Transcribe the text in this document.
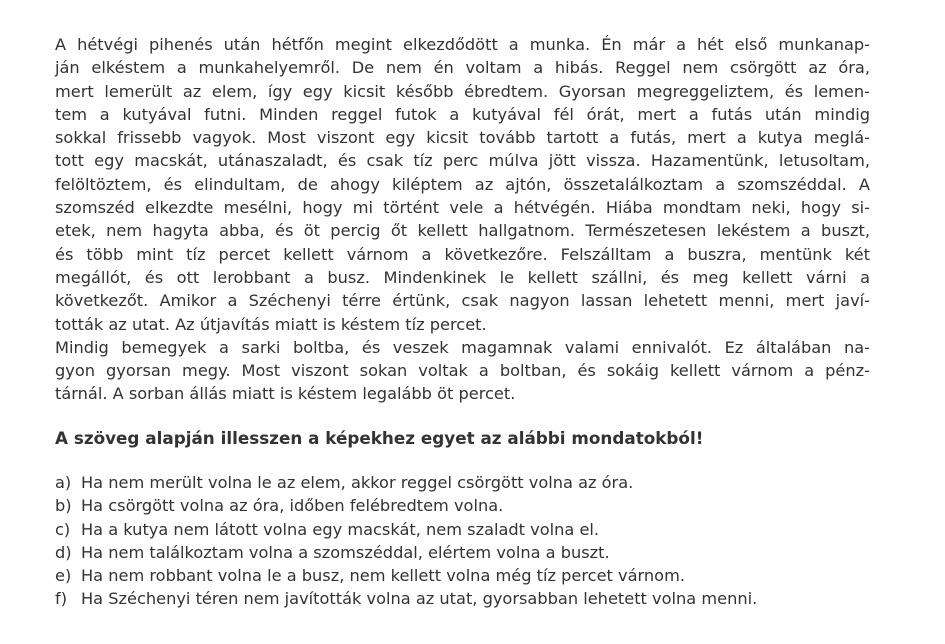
A hétvégi pihenés után hétfőn megint elkezdődött a munka. Én már a hét első munkanap-
ján elkéstem a munkahelyemről. De nem én voltam a hibás. Reggel nem csörgött az óra,
mert lemerült az elem, így egy kicsit később ébredtem. Gyorsan megreggeliztem, és lemen-
tem a kutyával futni. Minden reggel futok a kutyával fél órát, mert a futás után mindig
sokkal frissebb vagyok. Most viszont egy kicsit tovább tartott a futás, mert a kutya meglá-
tott egy macskát, utánaszaladt, és csak tíz perc múlva jött vissza. Hazamentünk, letusoltam,
felöltöztem, és elindultam, de ahogy kiléptem az ajtón, összetalálkoztam a szomszéddal. A
szomszéd elkezdte mesélni, hogy mi történt vele a hétvégén. Hiába mondtam neki, hogy si-
etek, nem hagyta abba, és öt percig őt kellett hallgatnom. Természetesen lekéstem a buszt,
és több mint tíz percet kellett várnom a következőre. Felszálltam a buszra, mentünk két
megállót, és ott lerobbant a busz. Mindenkinek le kellett szállni, és meg kellett várni a
következőt. Amikor a Széchenyi térre értünk, csak nagyon lassan lehetett menni, mert javí-
tották az utat. Az útjavítás miatt is késtem tíz percet.
Mindig bemegyek a sarki boltba, és veszek magamnak valami ennivalót. Ez általában na-
gyon gyorsan megy. Most viszont sokan voltak a boltban, és sokáig kellett várnom a pénz-
tárnál. A sorban állás miatt is késtem legalább öt percet.

A szöveg alapján illesszen a képekhez egyet az alábbi mondatokból!

a) Ha nem merült volna le az elem, akkor reggel csörgött volna az óra.
b) Ha csörgött volna az óra, időben felébredtem volna.
c) Ha a kutya nem látott volna egy macskát, nem szaladt volna el.
d) Ha nem találkoztam volna a szomszéddal, elértem volna a buszt.
e) Ha nem robbant volna le a busz, nem kellett volna még tíz percet várnom.
f) Ha Széchenyi téren nem javították volna az utat, gyorsabban lehetett volna menni.
